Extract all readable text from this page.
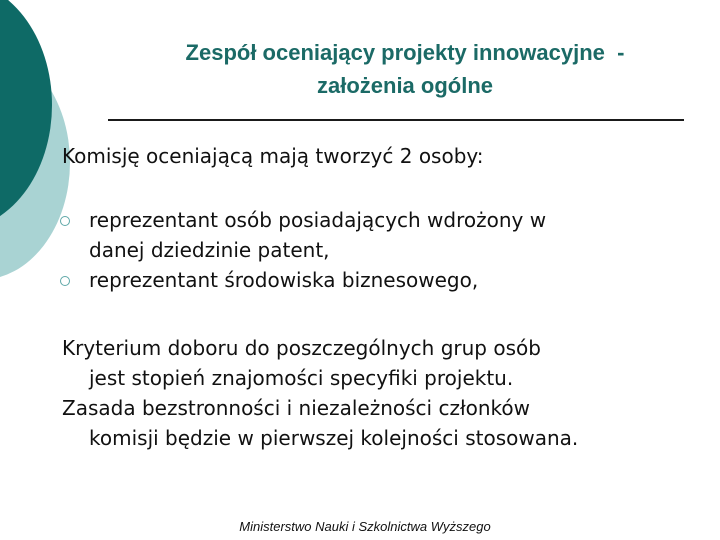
Zespół oceniający projekty innowacyjne  -
założenia ogólne
Komisję oceniającą mają tworzyć 2 osoby:
reprezentant osób posiadających wdrożony w
danej dziedzinie patent,
reprezentant środowiska biznesowego,
Kryterium doboru do poszczególnych grup osób
jest stopień znajomości specyfiki projektu.
Zasada bezstronności i niezależności członków
komisji będzie w pierwszej kolejności stosowana.
Ministerstwo Nauki i Szkolnictwa Wyższego
